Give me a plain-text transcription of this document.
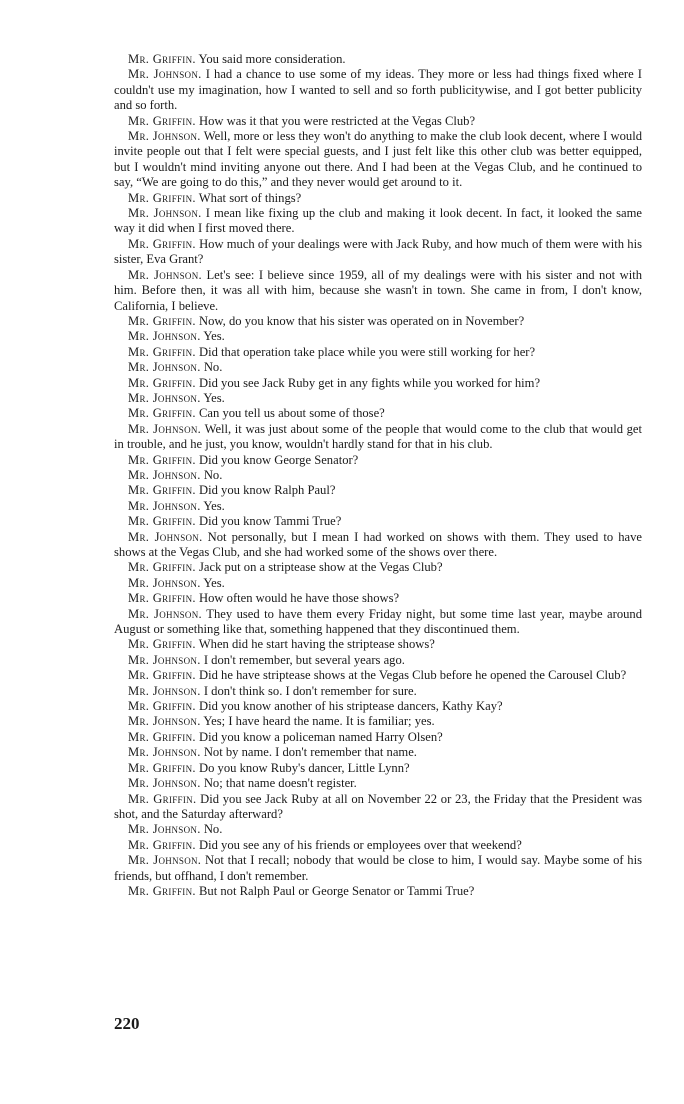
Mr. Griffin. You said more consideration.

Mr. Johnson. I had a chance to use some of my ideas. They more or less had things fixed where I couldn't use my imagination, how I wanted to sell and so forth publicitywise, and I got better publicity and so forth.

Mr. Griffin. How was it that you were restricted at the Vegas Club?

Mr. Johnson. Well, more or less they won't do anything to make the club look decent, where I would invite people out that I felt were special guests, and I just felt like this other club was better equipped, but I wouldn't mind inviting anyone out there. And I had been at the Vegas Club, and he continued to say, “We are going to do this,” and they never would get around to it.

Mr. Griffin. What sort of things?

Mr. Johnson. I mean like fixing up the club and making it look decent. In fact, it looked the same way it did when I first moved there.

Mr. Griffin. How much of your dealings were with Jack Ruby, and how much of them were with his sister, Eva Grant?

Mr. Johnson. Let's see: I believe since 1959, all of my dealings were with his sister and not with him. Before then, it was all with him, because she wasn't in town. She came in from, I don't know, California, I believe.

Mr. Griffin. Now, do you know that his sister was operated on in November?

Mr. Johnson. Yes.

Mr. Griffin. Did that operation take place while you were still working for her?

Mr. Johnson. No.

Mr. Griffin. Did you see Jack Ruby get in any fights while you worked for him?

Mr. Johnson. Yes.

Mr. Griffin. Can you tell us about some of those?

Mr. Johnson. Well, it was just about some of the people that would come to the club that would get in trouble, and he just, you know, wouldn't hardly stand for that in his club.

Mr. Griffin. Did you know George Senator?

Mr. Johnson. No.

Mr. Griffin. Did you know Ralph Paul?

Mr. Johnson. Yes.

Mr. Griffin. Did you know Tammi True?

Mr. Johnson. Not personally, but I mean I had worked on shows with them. They used to have shows at the Vegas Club, and she had worked some of the shows over there.

Mr. Griffin. Jack put on a striptease show at the Vegas Club?

Mr. Johnson. Yes.

Mr. Griffin. How often would he have those shows?

Mr. Johnson. They used to have them every Friday night, but some time last year, maybe around August or something like that, something happened that they discontinued them.

Mr. Griffin. When did he start having the striptease shows?

Mr. Johnson. I don't remember, but several years ago.

Mr. Griffin. Did he have striptease shows at the Vegas Club before he opened the Carousel Club?

Mr. Johnson. I don't think so. I don't remember for sure.

Mr. Griffin. Did you know another of his striptease dancers, Kathy Kay?

Mr. Johnson. Yes; I have heard the name. It is familiar; yes.

Mr. Griffin. Did you know a policeman named Harry Olsen?

Mr. Johnson. Not by name. I don't remember that name.

Mr. Griffin. Do you know Ruby's dancer, Little Lynn?

Mr. Johnson. No; that name doesn't register.

Mr. Griffin. Did you see Jack Ruby at all on November 22 or 23, the Friday that the President was shot, and the Saturday afterward?

Mr. Johnson. No.

Mr. Griffin. Did you see any of his friends or employees over that weekend?

Mr. Johnson. Not that I recall; nobody that would be close to him, I would say. Maybe some of his friends, but offhand, I don't remember.

Mr. Griffin. But not Ralph Paul or George Senator or Tammi True?

220
